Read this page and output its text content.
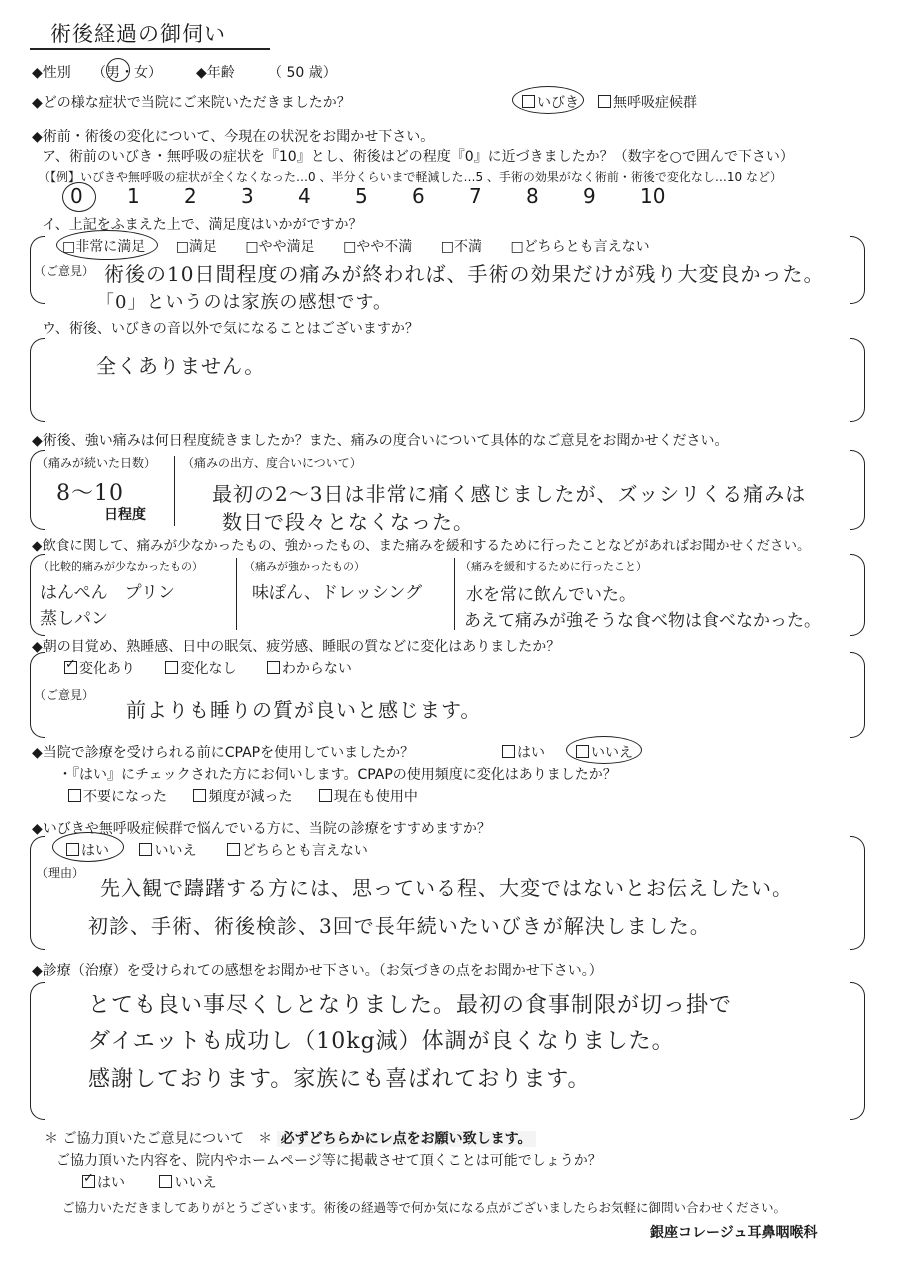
術後経過の御伺い
◆性別 （男・女） ◆年齢 （ 50 歳）
◆どの様な症状で当院にご来院いただきましたか？	いびき	無呼吸症候群
◆術前・術後の変化について、今現在の状況をお聞かせ下さい。
ア、術前のいびき・無呼吸の症状を『10』とし、術後はどの程度『0』に近づきましたか？（数字を○で囲んで下さい）
（【例】いびきや無呼吸の症状が全くなくなった…0 、半分くらいまで軽減した…5 、手術の効果がなく術前・術後で変化なし…10 など）
0 1 2 3 4 5 6 7 8 9 10
イ、上記をふまえた上で、満足度はいかがですか？
□非常に満足 □満足 □やや満足 □やや不満 □不満 □どちらとも言えない
（ご意見） 術後の10日間程度の痛みが終われば、手術の効果だけが残り大変良かった。
「0」というのは家族の感想です。
ウ、術後、いびきの音以外で気になることはございますか？
全くありません。
◆術後、強い痛みは何日程度続きましたか？また、痛みの度合いについて具体的なご意見をお聞かせください。
（痛みが続いた日数）
8〜10
日程度
（痛みの出方、度合いについて）
最初の2〜3日は非常に痛く感じましたが、ズッシリくる痛みは
数日で段々となくなった。
◆飲食に関して、痛みが少なかったもの、強かったもの、また痛みを緩和するために行ったことなどがあればお聞かせください。
（比較的痛みが少なかったもの）
はんぺん　プリン
蒸しパン
（痛みが強かったもの）
味ぽん、ドレッシング
（痛みを緩和するために行ったこと）
水を常に飲んでいた。
あえて痛みが強そうな食べ物は食べなかった。
◆朝の目覚め、熟睡感、日中の眠気、疲労感、睡眠の質などに変化はありましたか？
✓変化あり	変化なし	わからない
（ご意見）
前よりも睡りの質が良いと感じます。
◆当院で診療を受けられる前にCPAPを使用していましたか？	はい	いいえ
・『はい』にチェックされた方にお伺いします。CPAPの使用頻度に変化はありましたか？
不要になった	頻度が減った	現在も使用中
◆いびきや無呼吸症候群で悩んでいる方に、当院の診療をすすめますか？
はい	いいえ	どちらとも言えない
（理由）
先入観で躊躇する方には、思っている程、大変ではないとお伝えしたい。
初診、手術、術後検診、3回で長年続いたいびきが解決しました。
◆診療（治療）を受けられての感想をお聞かせ下さい。（お気づきの点をお聞かせ下さい。）
とても良い事尽くしとなりました。最初の食事制限が切っ掛で
ダイエットも成功し（10kg減）体調が良くなりました。
感謝しております。家族にも喜ばれております。
＊ ご協力頂いたご意見について　＊ 必ずどちらかにレ点をお願い致します。
ご協力頂いた内容を、院内やホームページ等に掲載させて頂くことは可能でしょうか？
✓はい	いいえ
ご協力いただきましてありがとうございます。術後の経過等で何か気になる点がございましたらお気軽に御問い合わせください。
銀座コレージュ耳鼻咽喉科
